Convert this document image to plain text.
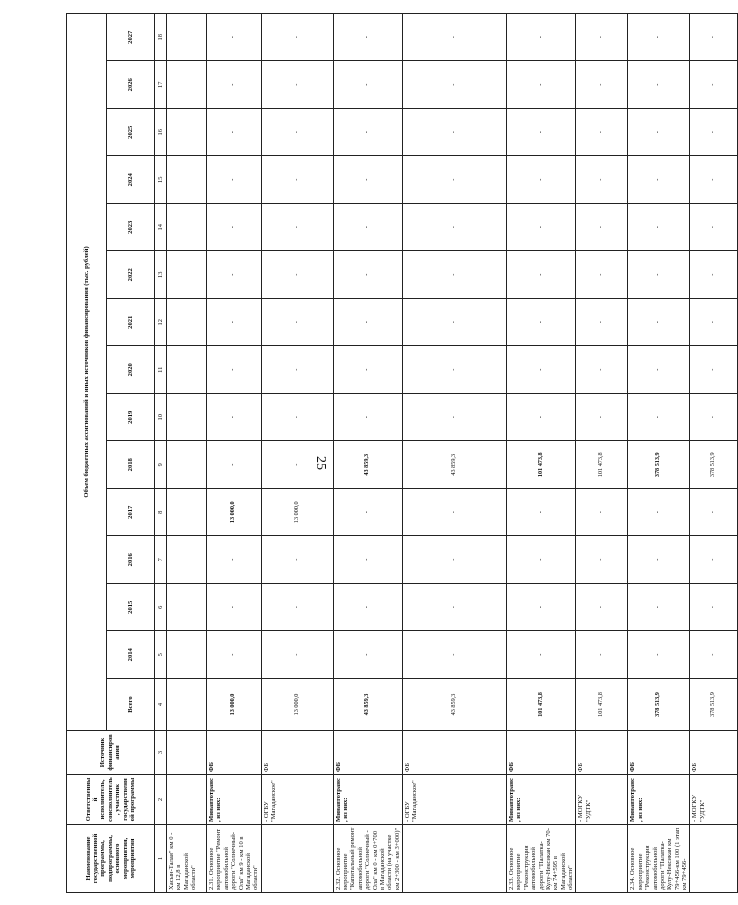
25
Наименование государственной программы, подпрограммы, основного мероприятия, мероприятия	Ответственный исполнитель, соисполнитель, участник государственной программы	Источник финансирования	Объем бюджетных ассигнований и иных источников финансирования (тыс. рублей)														
			Всего	2014	2015	2016	2017	2018	2019	2020	2021	2022	2023	2024	2025	2026	2027
1	2	3	4	5	6	7	8	9	10	11	12	13	14	15	16	17	18
Хасын-Талая" км 0 - км 12,8 в Магаданской области"																	
2.31. Основное мероприятие "Ремонт автомобильной дороги "Солнечный-Ола" км 9 - км 10 в Магаданской области"	Минавтотранс, из них:	ФБ	13 000,0	-	-	-	13 000,0	-	-	-	-	-	-	-	-	-	-
	- ОГБУ "Магаданское"	ФБ	13 000,0	-	-	-	13 000,0	-	-	-	-	-	-	-	-	-	-
2.32. Основное мероприятие "Капитальный ремонт автомобильной дороги "Солнечный - Ола" км 0 - км 0+700 в Магаданской области (на участке км 2+300 - км 3+000)"	Минавтотранс, из них:	ФБ	43 859,3	-	-	-	-	43 859,3	-	-	-	-	-	-	-	-	-
	- ОГБУ "Магаданское"	ФБ	43 859,3	-	-	-	-	43 859,3	-	-	-	-	-	-	-	-	-
2.33. Основное мероприятие "Реконструкция автомобильной дороги "Палатка-Кулу-Нексикан км 70-км 74+595 в Магаданской области"	Минавтотранс, из них:	ФБ	101 473,8	-	-	-	-	101 473,8	-	-	-	-	-	-	-	-	-
	- МОГКУ "УДТК"	ФБ	101 473,8	-	-	-	-	101 473,8	-	-	-	-	-	-	-	-	-
2.34. Основное мероприятие "Реконструкция автомобильной дороги "Палатка-Кулу-Нексикан км 79+456-км 100 (1 этап км 79+456-	Минавтотранс, из них:	ФБ	378 513,9	-	-	-	-	378 513,9	-	-	-	-	-	-	-	-	-
	- МОГКУ "УДТК"	ФБ	378 513,9	-	-	-	-	378 513,9	-	-	-	-	-	-	-	-	-
